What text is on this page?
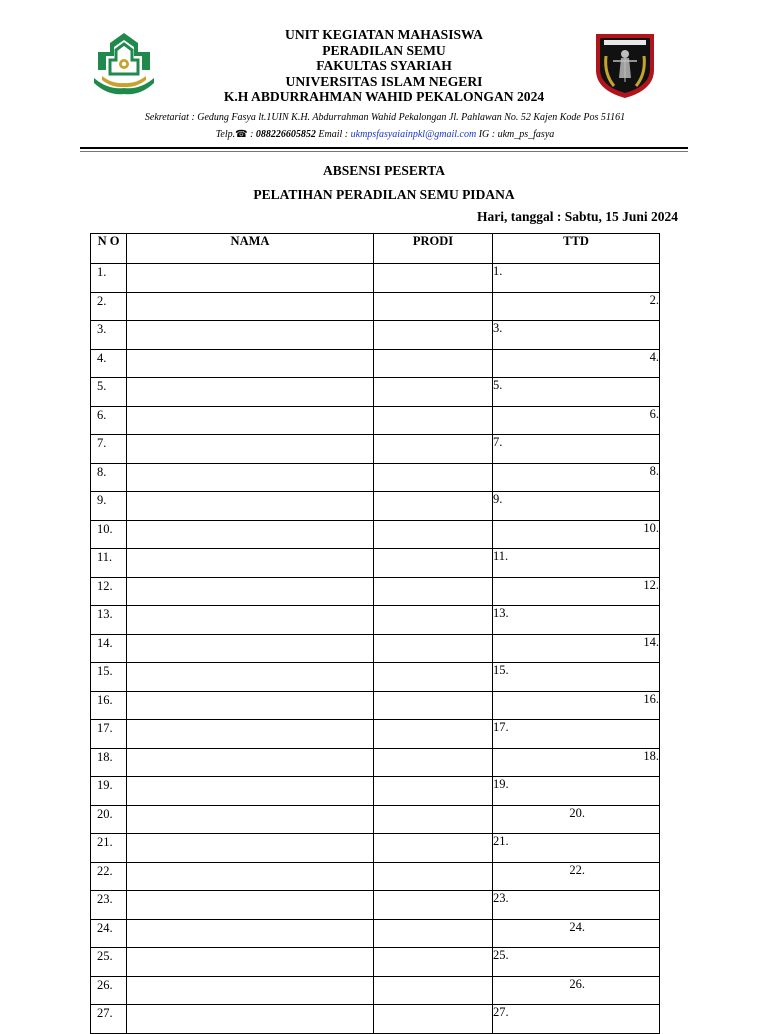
UNIT KEGIATAN MAHASISWA
PERADILAN SEMU
FAKULTAS SYARIAH
UNIVERSITAS ISLAM NEGERI
K.H ABDURRAHMAN WAHID PEKALONGAN 2024
Sekretariat : Gedung Fasya lt.1UIN K.H. Abdurrahman Wahid Pekalongan Jl. Pahlawan No. 52 Kajen Kode Pos 51161
Telp.☎ : 088226605852 Email : ukmpsfasyaiainpkl@gmail.com IG : ukm_ps_fasya
ABSENSI PESERTA
PELATIHAN PERADILAN SEMU PIDANA
Hari, tanggal : Sabtu, 15 Juni 2024
N O	NAMA	PRODI	TTD
1.			1.
2.			2.
3.			3.
4.			4.
5.			5.
6.			6.
7.			7.
8.			8.
9.			9.
10.			10.
11.			11.
12.			12.
13.			13.
14.			14.
15.			15.
16.			16.
17.			17.
18.			18.
19.			19.
20.			20.
21.			21.
22.			22.
23.			23.
24.			24.
25.			25.
26.			26.
27.			27.
